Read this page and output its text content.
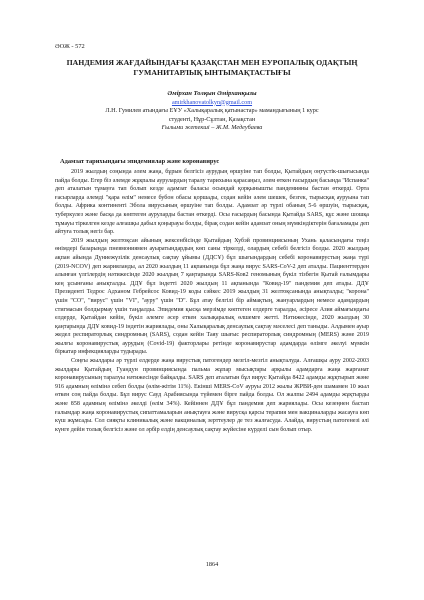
ӘОЖ - 572
ПАНДЕМИЯ ЖАҒДАЙЫНДАҒЫ ҚАЗАҚСТАН МЕН ЕУРОПАЛЫҚ ОДАҚТЫҢ
ГУМАНИТАРЛЫҚ ЫНТЫМАҚТАСТЫҒЫ
Әмірхан Толқын Әмірханқызы
amirkhanovatolkyn@gmail.com
Л.Н. Гумилев атындағы ЕҰУ «Халықаралық қатынастар» мамандығының 1 курс
студенті, Нұр-Сұлтан, Қазақстан
Ғылыми жетекші – Ж.М. Медеубаева
Адамзат тарихындағы эпидемиялар және коронавирус

2019 жылдың соңында әлем жаңа, бұрын белгісіз аурудың өршуіне тап болды, Қытайдың оңтүстік-шығысында пайда болды. Егер біз әлемде жұқпалы аурулардың таралу тарихына қарасаңыз, әлем өткен ғасырдың басында "Испанка" деп аталатын тұмауға тап болып кезде адамзат баласы осындай қорқынышты пандемияны бастан өткерді. Орта ғасырларда әлемді "қара өлім" немесе бубон обасы қоршады, содан кейін әлем шешек, безгек, тырысқақ ауруына тап болды. Африка континенті Эбола вирусының өршуіне тап болды. Адамзат әр түрлі обаның 5-6 өршуін, тырысқақ, туберкулез және басқа да көптеген ауруларды бастан өткерді. Осы ғасырдың басында Қытайда SARS, құс және шошқа тұмауы тіркелген кезде алғашқы дабыл қоңырауы болды, бірақ содан кейін адамзат оның мүмкіндіктерін бағаламады деп айтуға толық негіз бар.

2019 жылдың желтоқсан айының жексенбісінде Қытайдың Хубэй провинциясының Ухань қаласындағы теңіз өнімдері базарында пневмониямен ауыратындардың көп саны тіркелді, олардың себебі белгісіз болды. 2020 жылдың ақпан айында Дүниежүзілік денсаулық сақтау ұйымы (ДДСҰ) бұл шығындардың себебі коронавирустың жаңа түрі (2019-NCOV) деп жарияланды, ал 2020 жылдың 11 ақпанында бұл жаңа вирус SARS-CoV-2 деп аталды. Пациенттерден алынған үлгілердің нәтижесінде 2020 жылдың 7 қаңтарында SARS-Ков2 геномының бүкіл тізбегін Қытай ғалымдары кең ұсынғаны анықталды. ДДҰ бұл індетті 2020 жылдың 11 ақпанында "Ковид-19" пандемия деп атады. ДДҰ Президенті Тедрос Адханом Гебрейсос Ковид-19 коды сәйкес 2019 жылдың 31 желтоқсанында анықталды; "корона" үшін "CO", "вирус" үшін "VI", "ауру" үшін "D". Бұл атау белгілі бір аймақтың, жануарлардың немесе адамдардың стигмасын болдырмау үшін таңдалды. Эпидемия қысқа мерзімде көптеген елдерге таралды, әсіресе Азия аймағындағы елдерде, Қытайдан кейін, бүкіл әлемге әсер еткен халықаралық өлшемге жетті. Нәтижесінде, 2020 жылдың 30 қаңтарында ДДҰ ковид-19 індетін жариялады, оны Халықаралық денсаулық сақтау мәселесі деп таныды. Алдымен ауыр жедел респираторлық синдромның (SARS), содан кейін Таяу шығыс респираторлық синдромның (MERS) және 2019 жылғы коронавирустық аурудың (Covid-19) факторлары ретінде коронавирустар адамдарда өлімге әкелуі мүмкін біркатар инфекцияларды тудырады.

Соңғы жылдары әр түрлі елдерде жаңа вирустық патогендер мезгіл-мезгіл анықталуда. Алғашқы ауру 2002-2003 жылдары Қытайдың Гуандун провинциясында пальма жұпар мысықтары арқылы адамдарға жаңа жарғанат коронавирусының таралуы нәтижесінде байқалды. SARS деп аталатын бұл вирус Қытайда 8422 адамды жұқтырып және 916 адамның өлімінә себеп болды (өлім-жітім 11%). Екінші MERS-CoV ауруы 2012 жылы ЖРВИ-ден шамамен 10 жыл өткен соң пайда болды. Бұл вирус Сауд Арабиясында түйемен бірге пайда болды. Ол жалпы 2494 адамды жұқтырды және 858 адамның өлімінә әкелді (өлім 34%). Кейіннен ДДҰ бұл пандемия деп жариялады. Осы кезеңнен бастап ғалымдар жаңа коронавирустық сипаттамаларын анықтауға және вирусқа қарсы терапия мен вакциналарды жасауға көп күш жұмсады. Сол сияқты клиникалық және вакциналық зерттеулер де тез жалғасуда. Алайда, вирустың патогенезі әлі күнге дейін толық белгісіз және ол әрбір елдің денсаулық сақтау жүйесіне күрделі сын болып отыр.

1864
